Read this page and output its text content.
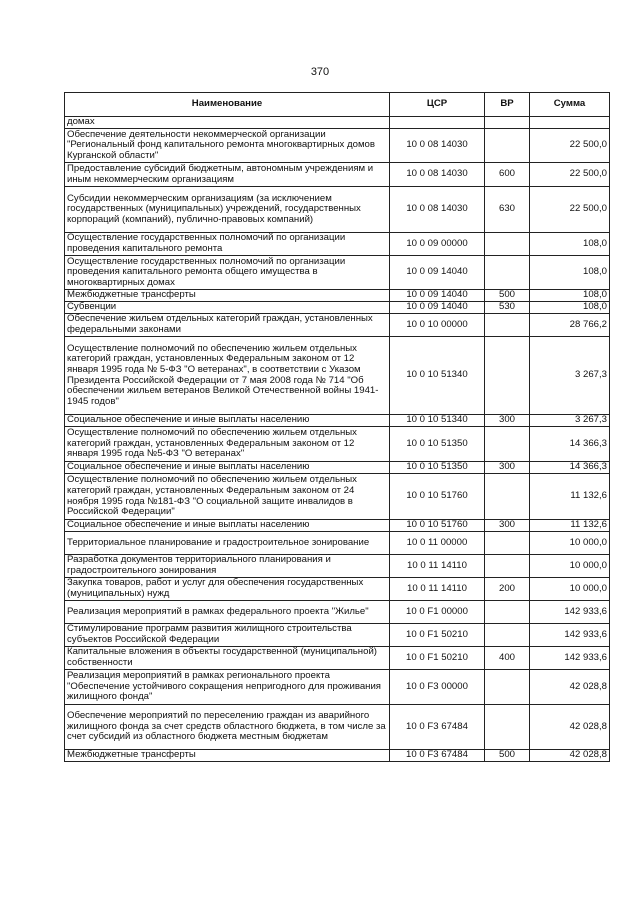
370
Наименование	ЦСР	ВР	Сумма
домах			
Обеспечение деятельности некоммерческой организации "Региональный фонд капитального ремонта многоквартирных домов Курганской области"	10 0 08 14030		22 500,0
Предоставление субсидий бюджетным, автономным учреждениям и иным некоммерческим организациям	10 0 08 14030	600	22 500,0
Субсидии некоммерческим организациям (за исключением государственных (муниципальных) учреждений, государственных корпораций (компаний), публично-правовых компаний)	10 0 08 14030	630	22 500,0
Осуществление государственных полномочий по организации проведения капитального ремонта	10 0 09 00000		108,0
Осуществление государственных полномочий по организации проведения капитального ремонта общего имущества в многоквартирных домах	10 0 09 14040		108,0
Межбюджетные трансферты	10 0 09 14040	500	108,0
Субвенции	10 0 09 14040	530	108,0
Обеспечение жильем отдельных категорий граждан, установленных федеральными законами	10 0 10 00000		28 766,2
Осуществление полномочий по обеспечению жильем отдельных категорий граждан, установленных Федеральным законом от 12 января 1995 года № 5-ФЗ "О ветеранах", в соответствии с Указом Президента Российской Федерации от 7 мая 2008 года № 714 "Об обеспечении жильем ветеранов Великой Отечественной войны 1941-1945 годов"	10 0 10 51340		3 267,3
Социальное обеспечение и иные выплаты населению	10 0 10 51340	300	3 267,3
Осуществление полномочий по обеспечению жильем отдельных категорий граждан, установленных Федеральным законом от 12 января 1995 года №5-ФЗ "О ветеранах"	10 0 10 51350		14 366,3
Социальное обеспечение и иные выплаты населению	10 0 10 51350	300	14 366,3
Осуществление полномочий по обеспечению жильем отдельных категорий граждан, установленных Федеральным законом от 24 ноября 1995 года №181-ФЗ "О социальной защите инвалидов в Российской Федерации"	10 0 10 51760		11 132,6
Социальное обеспечение и иные выплаты населению	10 0 10 51760	300	11 132,6
Территориальное планирование и градостроительное зонирование	10 0 11 00000		10 000,0
Разработка документов территориального планирования и градостроительного зонирования	10 0 11 14110		10 000,0
Закупка товаров, работ и услуг для обеспечения государственных (муниципальных) нужд	10 0 11 14110	200	10 000,0
Реализация мероприятий в рамках федерального проекта "Жилье"	10 0 F1 00000		142 933,6
Стимулирование программ развития жилищного строительства субъектов Российской Федерации	10 0 F1 50210		142 933,6
Капитальные вложения в объекты государственной (муниципальной) собственности	10 0 F1 50210	400	142 933,6
Реализация мероприятий в рамках регионального проекта "Обеспечение устойчивого сокращения непригодного для проживания жилищного фонда"	10 0 F3 00000		42 028,8
Обеспечение мероприятий по переселению граждан из аварийного жилищного фонда за счет средств областного бюджета, в том числе за счет субсидий из областного бюджета местным бюджетам	10 0 F3 67484		42 028,8
Межбюджетные трансферты	10 0 F3 67484	500	42 028,8
